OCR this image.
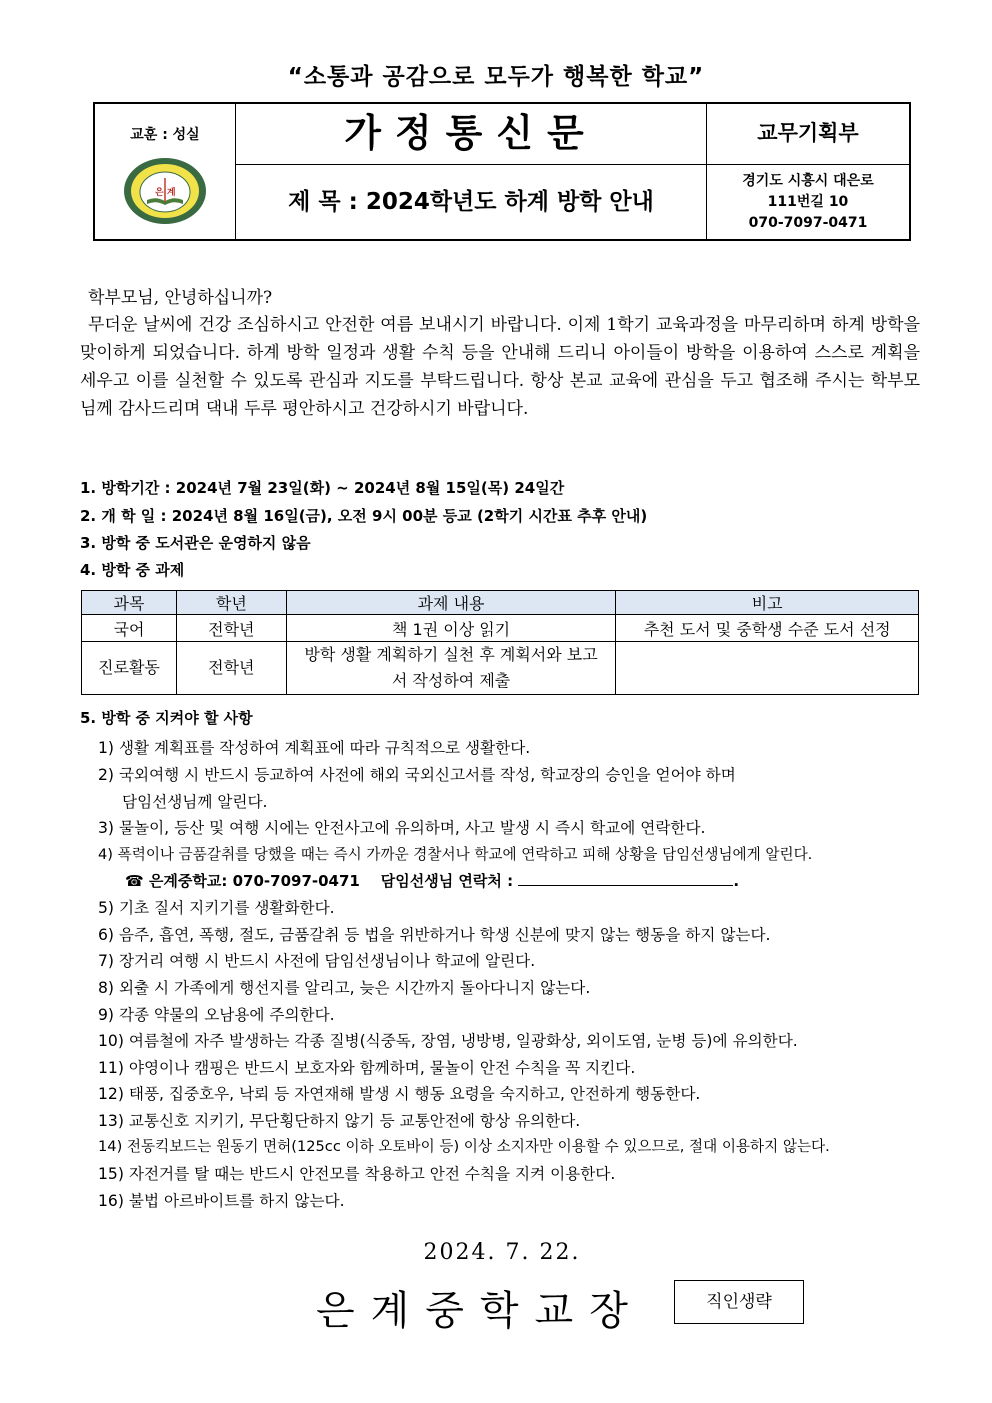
“소통과 공감으로 모두가 행복한 학교”
교훈 : 성실
은 계
가정통신문
제 목 : 2024학년도 하계 방학 안내
교무기획부
경기도 시흥시 대은로
111번길 10
070-7097-0471
학부모님, 안녕하십니까?

무더운 날씨에 건강 조심하시고 안전한 여름 보내시기 바랍니다. 이제 1학기 교육과정을 마무리하며 하계 방학을 맞이하게 되었습니다. 하계 방학 일정과 생활 수칙 등을 안내해 드리니 아이들이 방학을 이용하여 스스로 계획을 세우고 이를 실천할 수 있도록 관심과 지도를 부탁드립니다. 항상 본교 교육에 관심을 두고 협조해 주시는 학부모님께 감사드리며 댁내 두루 평안하시고 건강하시기 바랍니다.

1. 방학기간 : 2024년 7월 23일(화) ~ 2024년 8월 15일(목) 24일간
2. 개 학 일 : 2024년 8월 16일(금), 오전 9시 00분 등교 (2학기 시간표 추후 안내)
3. 방학 중 도서관은 운영하지 않음
4. 방학 중 과제
과목	학년	과제 내용	비고
국어	전학년	책 1권 이상 읽기	추천 도서 및 중학생 수준 도서 선정
진로활동	전학년	방학 생활 계획하기 실천 후 계획서와 보고서 작성하여 제출	
5. 방학 중 지켜야 할 사항
1) 생활 계획표를 작성하여 계획표에 따라 규칙적으로 생활한다.
2) 국외여행 시 반드시 등교하여 사전에 해외 국외신고서를 작성, 학교장의 승인을 얻어야 하며
담임선생님께 알린다.
3) 물놀이, 등산 및 여행 시에는 안전사고에 유의하며, 사고 발생 시 즉시 학교에 연락한다.
4) 폭력이나 금품갈취를 당했을 때는 즉시 가까운 경찰서나 학교에 연락하고 피해 상황을 담임선생님에게 알린다.
☎ 은계중학교: 070-7097-0471 담임선생님 연락처 :	.
5) 기초 질서 지키기를 생활화한다.
6) 음주, 흡연, 폭행, 절도, 금품갈취 등 법을 위반하거나 학생 신분에 맞지 않는 행동을 하지 않는다.
7) 장거리 여행 시 반드시 사전에 담임선생님이나 학교에 알린다.
8) 외출 시 가족에게 행선지를 알리고, 늦은 시간까지 돌아다니지 않는다.
9) 각종 약물의 오남용에 주의한다.
10) 여름철에 자주 발생하는 각종 질병(식중독, 장염, 냉방병, 일광화상, 외이도염, 눈병 등)에 유의한다.
11) 야영이나 캠핑은 반드시 보호자와 함께하며, 물놀이 안전 수칙을 꼭 지킨다.
12) 태풍, 집중호우, 낙뢰 등 자연재해 발생 시 행동 요령을 숙지하고, 안전하게 행동한다.
13) 교통신호 지키기, 무단횡단하지 않기 등 교통안전에 항상 유의한다.
14) 전동킥보드는 원동기 면허(125cc 이하 오토바이 등) 이상 소지자만 이용할 수 있으므로, 절대 이용하지 않는다.
15) 자전거를 탈 때는 반드시 안전모를 착용하고 안전 수칙을 지켜 이용한다.
16) 불법 아르바이트를 하지 않는다.
2024. 7. 22.
은계중학교장	직인생략
